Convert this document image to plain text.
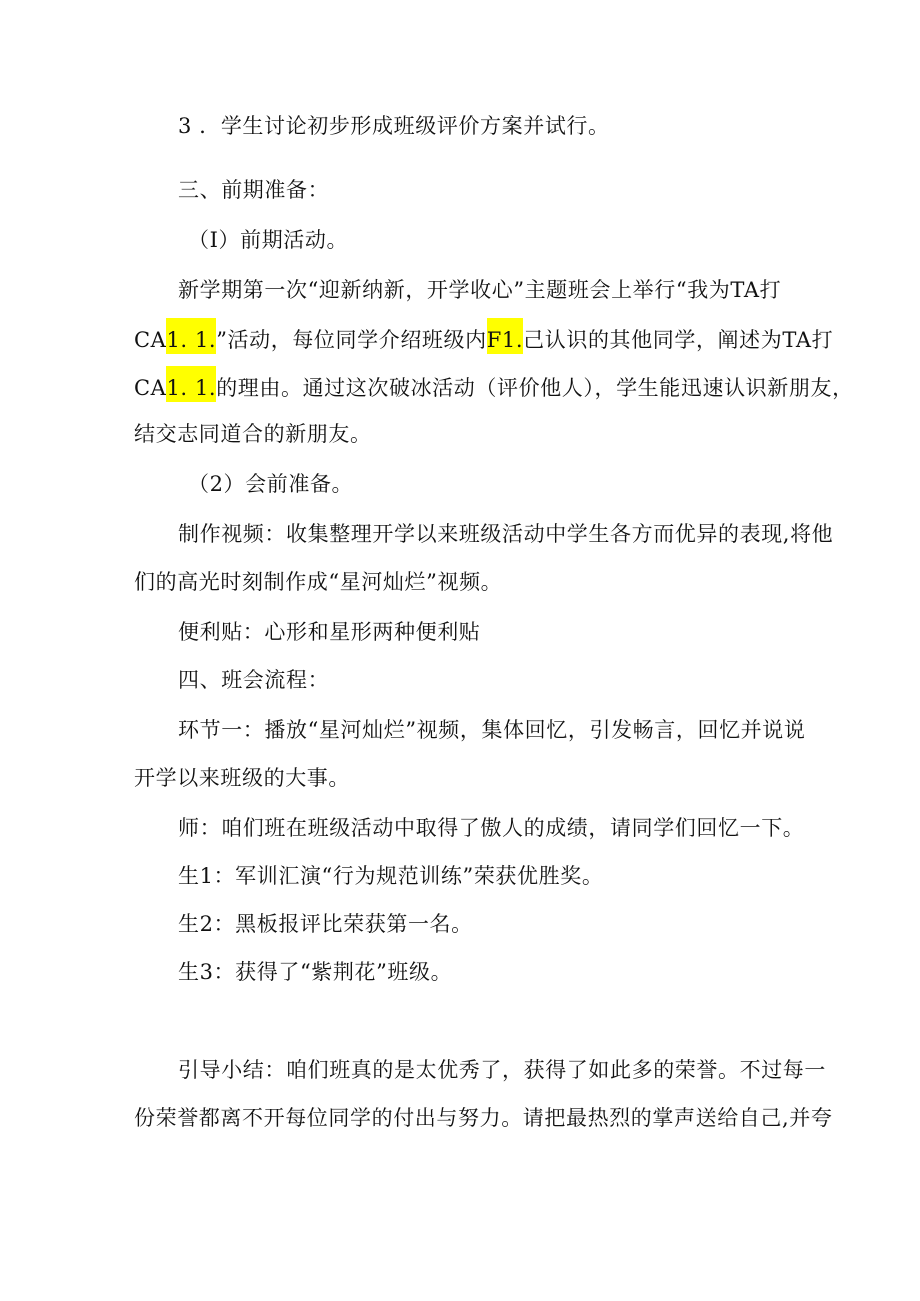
3 ．学生讨论初步形成班级评价方案并试行。
三、前期准备：
（I）前期活动。
新学期第一次“迎新纳新，开学收心”主题班会上举行“我为TA打
CA1. 1.”活动，每位同学介绍班级内F1.己认识的其他同学，阐述为TA打
CA1. 1.的理由。通过这次破冰活动（评价他人），学生能迅速认识新朋友，
结交志同道合的新朋友。
（2）会前准备。
制作视频：收集整理开学以来班级活动中学生各方而优异的表现,将他
们的高光时刻制作成“星河灿烂”视频。
便利贴：心形和星形两种便利贴
四、班会流程：
环节一：播放“星河灿烂”视频，集体回忆，引发畅言，回忆并说说
开学以来班级的大事。
师：咱们班在班级活动中取得了傲人的成绩，请同学们回忆一下。
生1：军训汇演“行为规范训练”荣获优胜奖。
生2：黑板报评比荣获第一名。
生3：获得了“紫荆花”班级。
引导小结：咱们班真的是太优秀了，获得了如此多的荣誉。不过每一
份荣誉都离不开每位同学的付出与努力。请把最热烈的掌声送给自己,并夸
